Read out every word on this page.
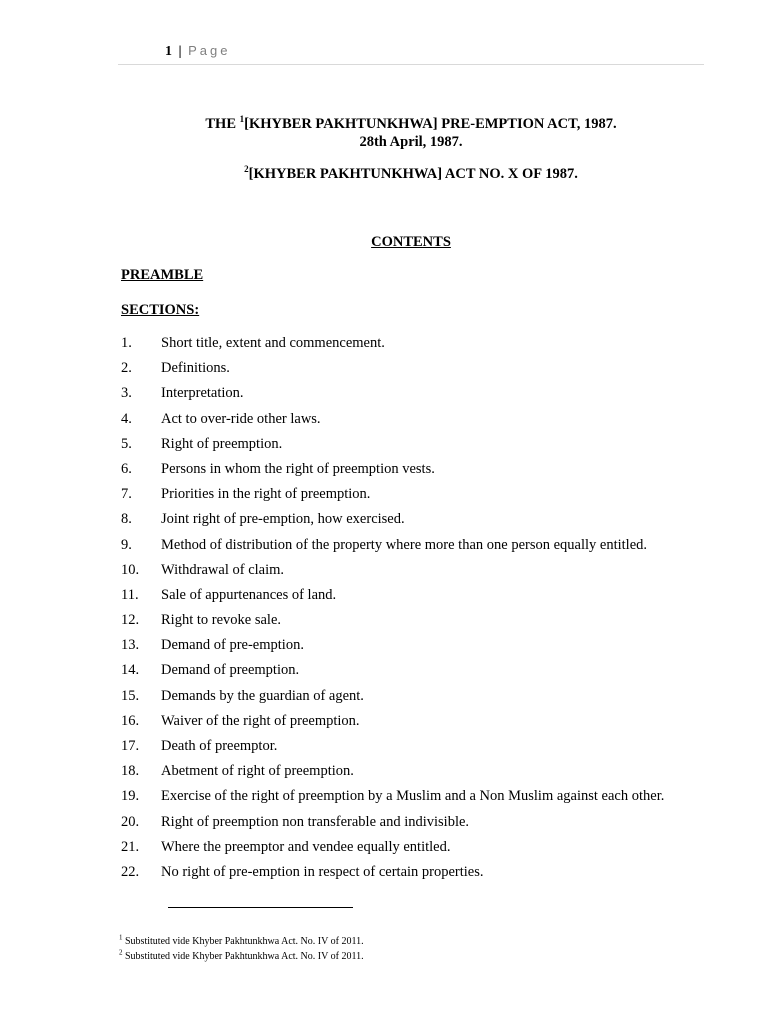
1 | Page
THE $^1$[KHYBER PAKHTUNKHWA] PRE-EMPTION ACT, 1987.
28th April, 1987.
$^2$[KHYBER PAKHTUNKHWA] ACT NO. X OF 1987.
CONTENTS
PREAMBLE
SECTIONS:
1. Short title, extent and commencement.
2. Definitions.
3. Interpretation.
4. Act to over-ride other laws.
5. Right of preemption.
6. Persons in whom the right of preemption vests.
7. Priorities in the right of preemption.
8. Joint right of pre-emption, how exercised.
9. Method of distribution of the property where more than one person equally entitled.
10. Withdrawal of claim.
11. Sale of appurtenances of land.
12. Right to revoke sale.
13. Demand of pre-emption.
14. Demand of preemption.
15. Demands by the guardian of agent.
16. Waiver of the right of preemption.
17. Death of preemptor.
18. Abetment of right of preemption.
19. Exercise of the right of preemption by a Muslim and a Non Muslim against each other.
20. Right of preemption non transferable and indivisible.
21. Where the preemptor and vendee equally entitled.
22. No right of pre-emption in respect of certain properties.
$^1$ Substituted vide Khyber Pakhtunkhwa Act. No. IV of 2011.
$^2$ Substituted vide Khyber Pakhtunkhwa Act. No. IV of 2011.
